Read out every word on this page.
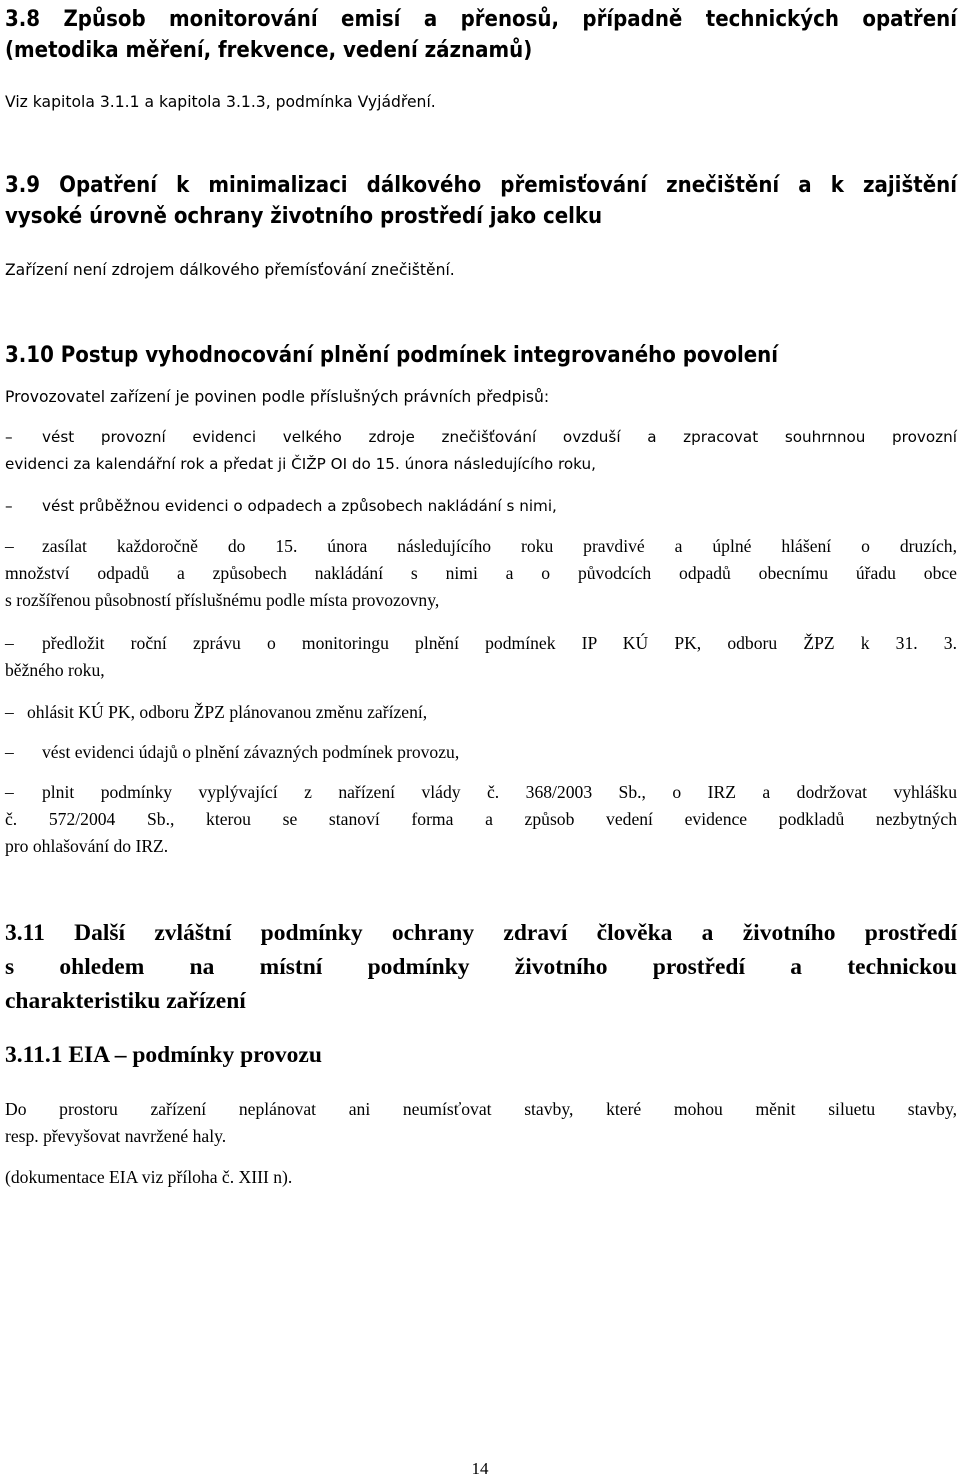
3.8 Způsob monitorování emisí a přenosů, případně technických opatření

(metodika měření, frekvence, vedení záznamů)

Viz kapitola 3.1.1 a kapitola 3.1.3, podmínka Vyjádření.

3.9 Opatření k minimalizaci dálkového přemisťování znečištění a k zajištění

vysoké úrovně ochrany životního prostředí jako celku

Zařízení není zdrojem dálkového přemísťování znečištění.

3.10 Postup vyhodnocování plnění podmínek integrovaného povolení

Provozovatel zařízení je povinen podle příslušných právních předpisů:

– vést provozní evidenci velkého zdroje znečišťování ovzduší a zpracovat souhrnnou provozní

evidenci za kalendářní rok a předat ji ČIŽP OI do 15. února následujícího roku,

– vést průběžnou evidenci o odpadech a způsobech nakládání s nimi,

– zasílat každoročně do 15. února následujícího roku pravdivé a úplné hlášení o druzích,

množství odpadů a způsobech nakládání s nimi a o původcích odpadů obecnímu úřadu obce

s rozšířenou působností příslušnému podle místa provozovny,

– předložit roční zprávu o monitoringu plnění podmínek IP KÚ PK, odboru ŽPZ k 31. 3.

běžného roku,

– ohlásit KÚ PK, odboru ŽPZ plánovanou změnu zařízení,

– vést evidenci údajů o plnění závazných podmínek provozu,

– plnit podmínky vyplývající z nařízení vlády č. 368/2003 Sb., o IRZ a dodržovat vyhlášku

č. 572/2004 Sb., kterou se stanoví forma a způsob vedení evidence podkladů nezbytných

pro ohlašování do IRZ.

3.11 Další zvláštní podmínky ochrany zdraví člověka a životního prostředí

s ohledem na místní podmínky životního prostředí a technickou

charakteristiku zařízení

3.11.1 EIA – podmínky provozu

Do prostoru zařízení neplánovat ani neumísťovat stavby, které mohou měnit siluetu stavby,

resp. převyšovat navržené haly.

(dokumentace EIA viz příloha č. XIII n).

14
